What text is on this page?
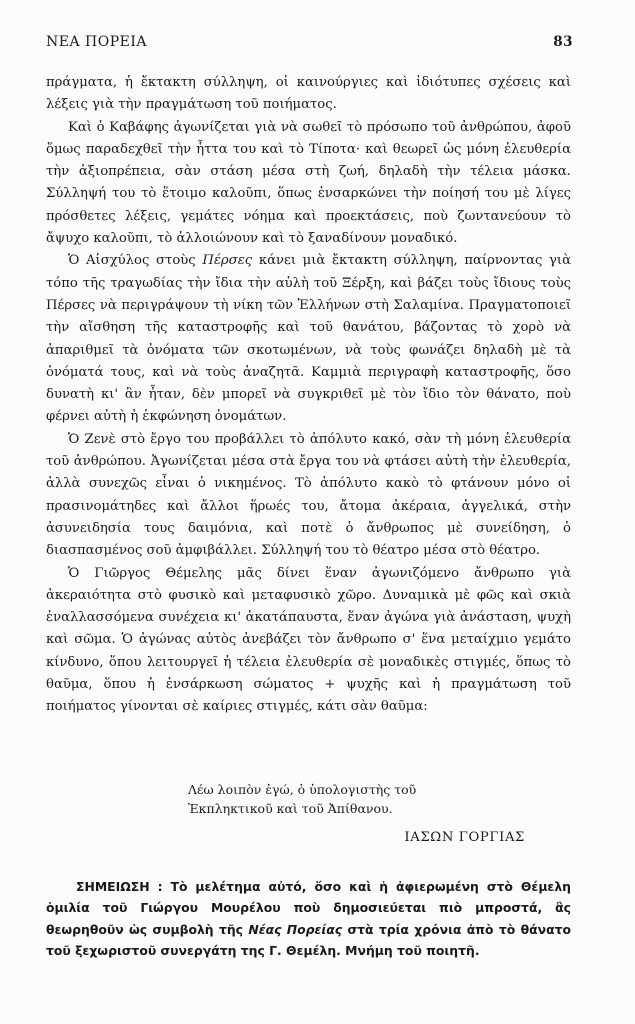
ΝΕΑ ΠΟΡΕΙΑ	83

πράγματα, ἡ ἔκτακτη σύλληψη, οἱ καινούργιες καὶ ἰδιότυπες σχέσεις καὶ λέξεις γιὰ τὴν πραγμάτωση τοῦ ποιήματος.

Καὶ ὁ Καβάφης ἀγωνίζεται γιὰ νὰ σωθεῖ τὸ πρόσωπο τοῦ ἀνθρώπου, ἀφοῦ ὅμως παραδεχθεῖ τὴν ἧττα του καὶ τὸ Τίποτα· καὶ θεωρεῖ ὡς μόνη ἐλευθερία τὴν ἀξιοπρέπεια, σὰν στάση μέσα στὴ ζωή, δηλαδὴ τὴν τέλεια μάσκα. Σύλληψή του τὸ ἕτοιμο καλοῦπι, ὅπως ἐνσαρκώνει τὴν ποίησή του μὲ λίγες πρόσθετες λέξεις, γεμάτες νόημα καὶ προεκτάσεις, ποὺ ζωντανεύουν τὸ ἄψυχο καλοῦπι, τὸ ἀλλοιώνουν καὶ τὸ ξαναδίνουν μοναδικό.

Ὁ Αἰσχύλος στοὺς Πέρσες κάνει μιὰ ἔκτακτη σύλληψη, παίρνοντας γιὰ τόπο τῆς τραγωδίας τὴν ἴδια τὴν αὐλὴ τοῦ Ξέρξη, καὶ βάζει τοὺς ἴδιους τοὺς Πέρσες νὰ περιγράψουν τὴ νίκη τῶν Ἑλλήνων στὴ Σαλαμίνα. Πραγματοποιεῖ τὴν αἴσθηση τῆς καταστροφῆς καὶ τοῦ θανάτου, βάζοντας τὸ χορὸ νὰ ἀπαριθμεῖ τὰ ὀνόματα τῶν σκοτωμένων, νὰ τοὺς φωνάζει δηλαδὴ μὲ τὰ ὀνόματά τους, καὶ νὰ τοὺς ἀναζητᾶ. Καμμιὰ περιγραφὴ καταστροφῆς, ὅσο δυνατὴ κι' ἂν ἦταν, δὲν μπορεῖ νὰ συγκριθεῖ μὲ τὸν ἴδιο τὸν θάνατο, ποὺ φέρνει αὐτὴ ἡ ἐκφώνηση ὀνομάτων.

Ὁ Ζενὲ στὸ ἔργο του προβάλλει τὸ ἀπόλυτο κακό, σὰν τὴ μόνη ἐλευθερία τοῦ ἀνθρώπου. Ἀγωνίζεται μέσα στὰ ἔργα του νὰ φτάσει αὐτὴ τὴν ἐλευθερία, ἀλλὰ συνεχῶς εἶναι ὁ νικημένος. Τὸ ἀπόλυτο κακὸ τὸ φτάνουν μόνο οἱ πρασινομάτηδες καὶ ἄλλοι ἥρωές του, ἄτομα ἀκέραια, ἀγγελικά, στὴν ἀσυνειδησία τους δαιμόνια, καὶ ποτὲ ὁ ἄνθρωπος μὲ συνείδηση, ὁ διασπασμένος σοῦ ἀμφιβάλλει. Σύλληψή του τὸ θέατρο μέσα στὸ θέατρο.

Ὁ Γιῶργος Θέμελης μᾶς δίνει ἕναν ἀγωνιζόμενο ἄνθρωπο γιὰ ἀκεραιότητα στὸ φυσικὸ καὶ μεταφυσικὸ χῶρο. Δυναμικὰ μὲ φῶς καὶ σκιὰ ἐναλλασσόμενα συνέχεια κι' ἀκατάπαυστα, ἕναν ἀγώνα γιὰ ἀνάσταση, ψυχὴ καὶ σῶμα. Ὁ ἀγώνας αὐτὸς ἀνεβάζει τὸν ἄνθρωπο σ' ἕνα μεταίχμιο γεμάτο κίνδυνο, ὅπου λειτουργεῖ ἡ τέλεια ἐλευθερία σὲ μοναδικὲς στιγμές, ὅπως τὸ θαῦμα, ὅπου ἡ ἐνσάρκωση σώματος + ψυχῆς καὶ ἡ πραγμάτωση τοῦ ποιήματος γίνονται σὲ καίριες στιγμές, κάτι σὰν θαῦμα:

Λέω λοιπὸν ἐγώ, ὁ ὑπολογιστὴς τοῦ
Ἐκπληκτικοῦ καὶ τοῦ Ἀπίθανου.
ΙΑΣΩΝ ΓΟΡΓΙΑΣ
ΣΗΜΕΙΩΣΗ : Τὸ μελέτημα αὐτό, ὅσο καὶ ἡ ἀφιερωμένη στὸ Θέμελη ὁμιλία τοῦ Γιώργου Μουρέλου ποὺ δημοσιεύεται πιὸ μπροστά, ἂς θεωρηθοῦν ὡς συμβολὴ τῆς Νέας Πορείας στὰ τρία χρόνια ἀπὸ τὸ θάνατο τοῦ ξεχωριστοῦ συνεργάτη της Γ. Θεμέλη. Μνήμη τοῦ ποιητῆ.
